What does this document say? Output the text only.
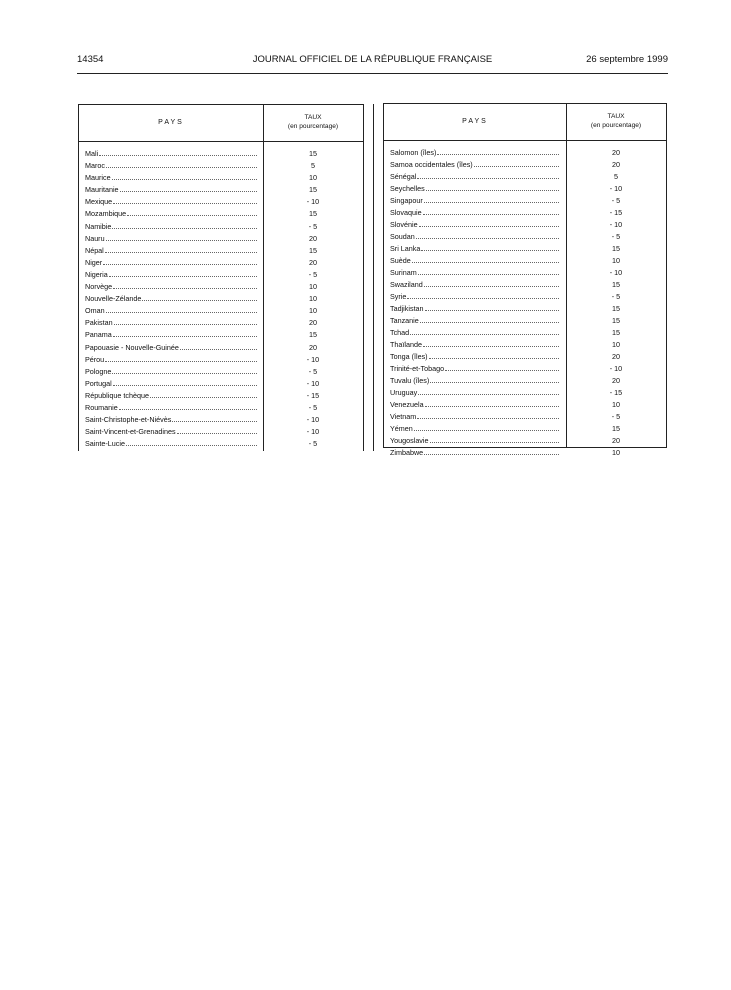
14354	JOURNAL OFFICIEL DE LA RÉPUBLIQUE FRANÇAISE	26 septembre 1999
PAYS
TAUX
(en pourcentage)
Mali	15
Maroc	5
Maurice	10
Mauritanie	15
Mexique	- 10
Mozambique	15
Namibie	- 5
Nauru	20
Népal	15
Niger	20
Nigeria	- 5
Norvège	10
Nouvelle-Zélande	10
Oman	10
Pakistan	20
Panama	15
Papouasie - Nouvelle-Guinée	20
Pérou	- 10
Pologne	- 5
Portugal	- 10
République tchèque	- 15
Roumanie	- 5
Saint-Christophe-et-Niévès	- 10
Saint-Vincent-et-Grenadines	- 10
Sainte-Lucie	- 5
PAYS
TAUX
(en pourcentage)
Salomon (îles)	20
Samoa occidentales (îles)	20
Sénégal	5
Seychelles	- 10
Singapour	- 5
Slovaquie	- 15
Slovénie	- 10
Soudan	- 5
Sri Lanka	15
Suède	10
Surinam	- 10
Swaziland	15
Syrie	- 5
Tadjikistan	15
Tanzanie	15
Tchad	15
Thaïlande	10
Tonga (îles)	20
Trinité-et-Tobago	- 10
Tuvalu (îles)	20
Uruguay	- 15
Venezuela	10
Vietnam	- 5
Yémen	15
Yougoslavie	20
Zimbabwe	10
